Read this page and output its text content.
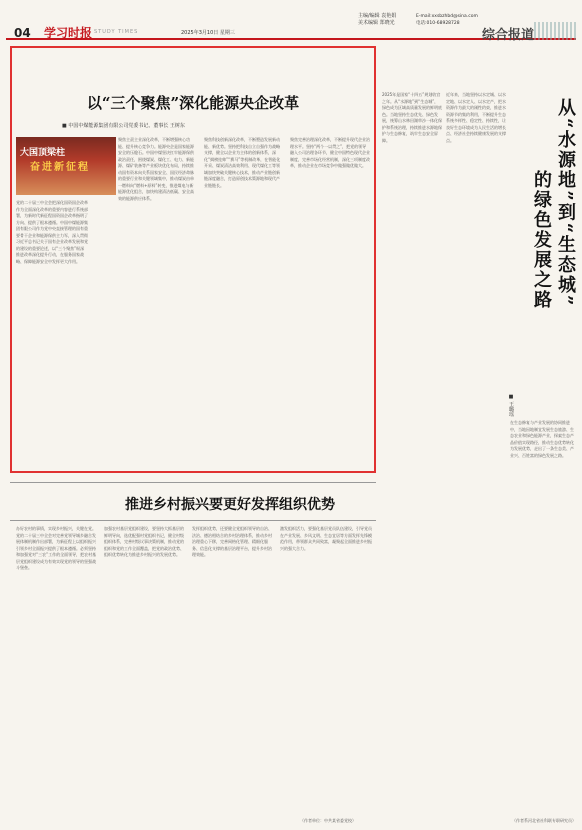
04 学习时报 STUDY TIMES	2025年3月10日 星期三
主编/编辑 袁艳娟
美术编辑 郑晓光
E-mail:xxsbzhbd@sina.com
电话:010-68928728
综合报道
以“三个聚焦”深化能源央企改革
■ 中国中煤能源集团有限公司党委书记、董事长 王树东
大国顶梁柱
奋进新征程

党的二十届三中全会把深化国资国企改革作为全面深化改革的重要内容进行系统部署，为新时代新征程国资国企改革指明了方向、提供了根本遵循。中国中煤能源集团有限公司作为党中央直接管理的国有重要骨干企业和能源保供主力军，深入贯彻习近平总书记关于国有企业改革发展和党的建设的重要论述，以“三个聚焦”纵深推进改革深化提升行动，在服务国家战略、保障能源安全中发挥更大作用。

聚焦主责主业深化改革，不断增强核心功能、提升核心竞争力。能源央企是国家能源安全的压舱石。中国中煤坚决扛牢能源保供政治责任，围绕煤炭、煤化工、电力、新能源、煤矿装备等产业板块优化布局，持续推动国有资本向关系国家安全、国民经济命脉的重要行业和关键领域集中，推动煤炭由单一燃料向“燃料+原料”转变，推进煤电与新能源优化组合，加快构建清洁低碳、安全高效的能源供应体系。

聚焦科技创新深化改革，不断塑造发展新动能、新优势。坚持把科技自立自强作为战略支撑，健全以企业为主体的创新体系，深化“揭榜挂帅”“赛马”等机制改革，在智能化开采、煤炭清洁高效利用、现代煤化工等领域加快突破关键核心技术，推动产业链创新链深度融合，打造原创技术策源地和现代产业链链长。

聚焦完善治理深化改革，不断提升现代企业治理水平。坚持“两个一以贯之”，把党的领导融入公司治理各环节，健全中国特色现代企业制度，完善市场化经营机制，深化三项制度改革，推动企业在市场竞争中做强做优做大。	从“水源地”到“生态城”
的绿色发展之路
■ 王璐瑶

2025年是国家“十四五”规划收官之年。从“水源地”到“生态城”，绿色成为区域高质量发展的鲜明底色。当地坚持生态优先、绿色发展，统筹山水林田湖草沙一体化保护和系统治理，持续推进水源地保护与生态修复，筑牢生态安全屏障。

近年来，当地坚持以水定城、以水定地、以水定人、以水定产，把水资源作为最大的刚性约束，推进水资源节约集约利用，不断提升生态系统多样性、稳定性、持续性，让良好生态环境成为人民生活的增长点、经济社会持续健康发展的支撑点。

在生态修复与产业发展的协同推进中，当地因地制宜发展生态旅游、生态农业和绿色能源产业，探索生态产品价值实现路径，推动生态优势转化为发展优势，走出了一条生态美、产业兴、百姓富的绿色发展之路。

（作者系河北省社科联专职研究员）
推进乡村振兴要更好发挥组织优势

办好农村的事情，实现乡村振兴，关键在党。党的二十届三中全会对完善党领导城乡融合发展体制机制作出部署，为新征程上以组织振兴引领乡村全面振兴提供了根本遵循。必须坚持和加强党对“三农”工作的全面领导，把农村基层党组织建设成为有效实现党的领导的坚强战斗堡垒。

加强农村基层党组织建设，要坚持大抓基层的鲜明导向，选优配强村党组织书记，健全村级组织体系，完善村级议事决策机制，推动党的组织和党的工作全面覆盖，把党的政治优势、组织优势转化为推进乡村振兴的发展优势。

发挥组织优势，还要健全党组织领导的自治、法治、德治相结合的乡村治理体系，推动乡村治理重心下移，完善网格化管理、精细化服务、信息化支撑的基层治理平台，提升乡村治理效能。

激发组织活力，要强化基层党员队伍建设，引导党员在产业发展、乡风文明、生态宜居等方面发挥先锋模范作用，带领群众共同致富，凝聚起全面推进乡村振兴的强大合力。

（作者单位：中共某省委党校）
